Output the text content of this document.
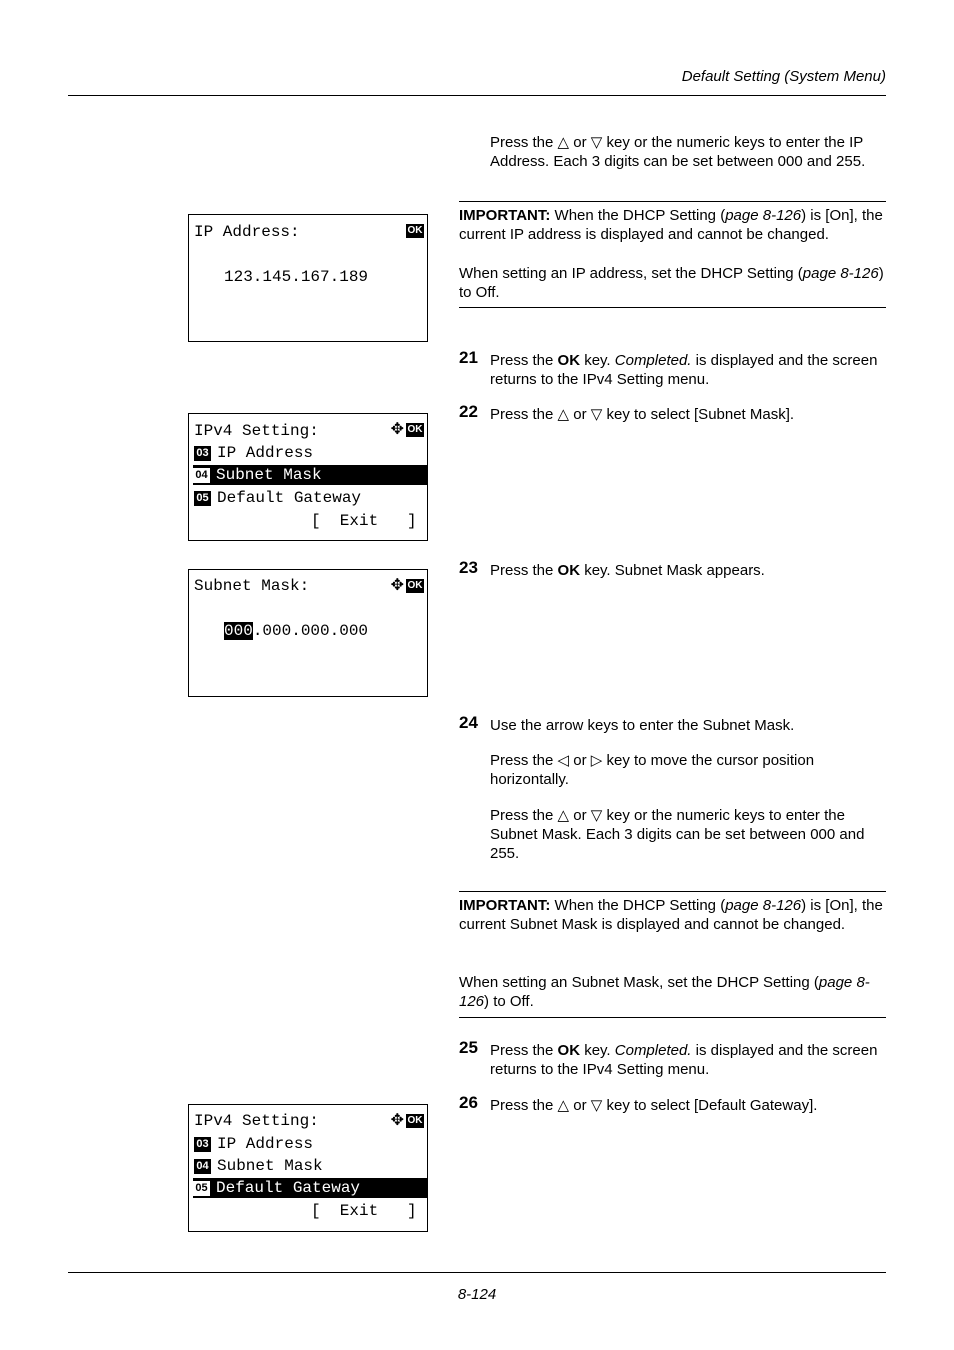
Default Setting (System Menu)
Press the △ or ▽ key or the numeric keys to enter the IP Address. Each 3 digits can be set between 000 and 255.
IMPORTANT: When the DHCP Setting (page 8-126) is [On], the current IP address is displayed and cannot be changed.
When setting an IP address, set the DHCP Setting (page 8-126) to Off.
IP Address:	OK
123.145.167.189
21 Press the OK key. Completed. is displayed and the screen returns to the IPv4 Setting menu.
22 Press the △ or ▽ key to select [Subnet Mask].
IPv4 Setting:	✥ OK
03 IP Address
04 Subnet Mask
05 Default Gateway
[  Exit   ]
23 Press the OK key. Subnet Mask appears.
Subnet Mask:	✥ OK
000.000.000.000
24 Use the arrow keys to enter the Subnet Mask.
Press the ◁ or ▷ key to move the cursor position horizontally.
Press the △ or ▽ key or the numeric keys to enter the Subnet Mask. Each 3 digits can be set between 000 and 255.
IMPORTANT: When the DHCP Setting (page 8-126) is [On], the current Subnet Mask is displayed and cannot be changed.
When setting an Subnet Mask, set the DHCP Setting (page 8-126) to Off.
25 Press the OK key. Completed. is displayed and the screen returns to the IPv4 Setting menu.
26 Press the △ or ▽ key to select [Default Gateway].
IPv4 Setting:	✥ OK
03 IP Address
04 Subnet Mask
05 Default Gateway
[  Exit   ]
8-124
